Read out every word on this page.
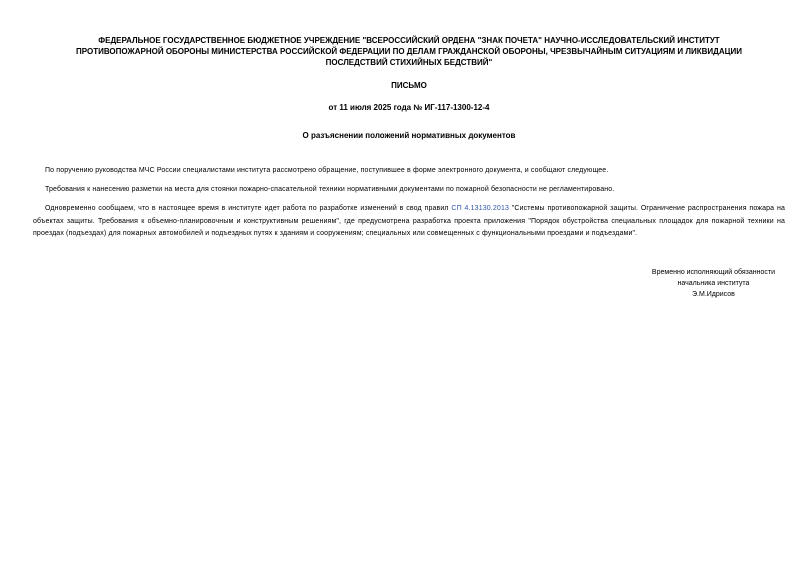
ФЕДЕРАЛЬНОЕ ГОСУДАРСТВЕННОЕ БЮДЖЕТНОЕ УЧРЕЖДЕНИЕ "ВСЕРОССИЙСКИЙ ОРДЕНА "ЗНАК ПОЧЕТА" НАУЧНО-ИССЛЕДОВАТЕЛЬСКИЙ ИНСТИТУТ ПРОТИВОПОЖАРНОЙ ОБОРОНЫ МИНИСТЕРСТВА РОССИЙСКОЙ ФЕДЕРАЦИИ ПО ДЕЛАМ ГРАЖДАНСКОЙ ОБОРОНЫ, ЧРЕЗВЫЧАЙНЫМ СИТУАЦИЯМ И ЛИКВИДАЦИИ ПОСЛЕДСТВИЙ СТИХИЙНЫХ БЕДСТВИЙ"
ПИСЬМО
от 11 июля 2025 года № ИГ-117-1300-12-4
О разъяснении положений нормативных документов

По поручению руководства МЧС России специалистами института рассмотрено обращение, поступившее в форме электронного документа, и сообщают следующее.

Требования к нанесению разметки на места для стоянки пожарно-спасательной техники нормативными документами по пожарной безопасности не регламентировано.

Одновременно сообщаем, что в настоящее время в институте идет работа по разработке изменений в свод правил СП 4.13130.2013 "Системы противопожарной защиты. Ограничение распространения пожара на объектах защиты. Требования к объемно-планировочным и конструктивным решениям", где предусмотрена разработка проекта приложения "Порядок обустройства специальных площадок для пожарной техники на проездах (подъездах) для пожарных автомобилей и подъездных путях к зданиям и сооружениям; специальных или совмещенных с функциональными проездами и подъездами".

Временно исполняющий обязанности
начальника института
Э.М.Идрисов
